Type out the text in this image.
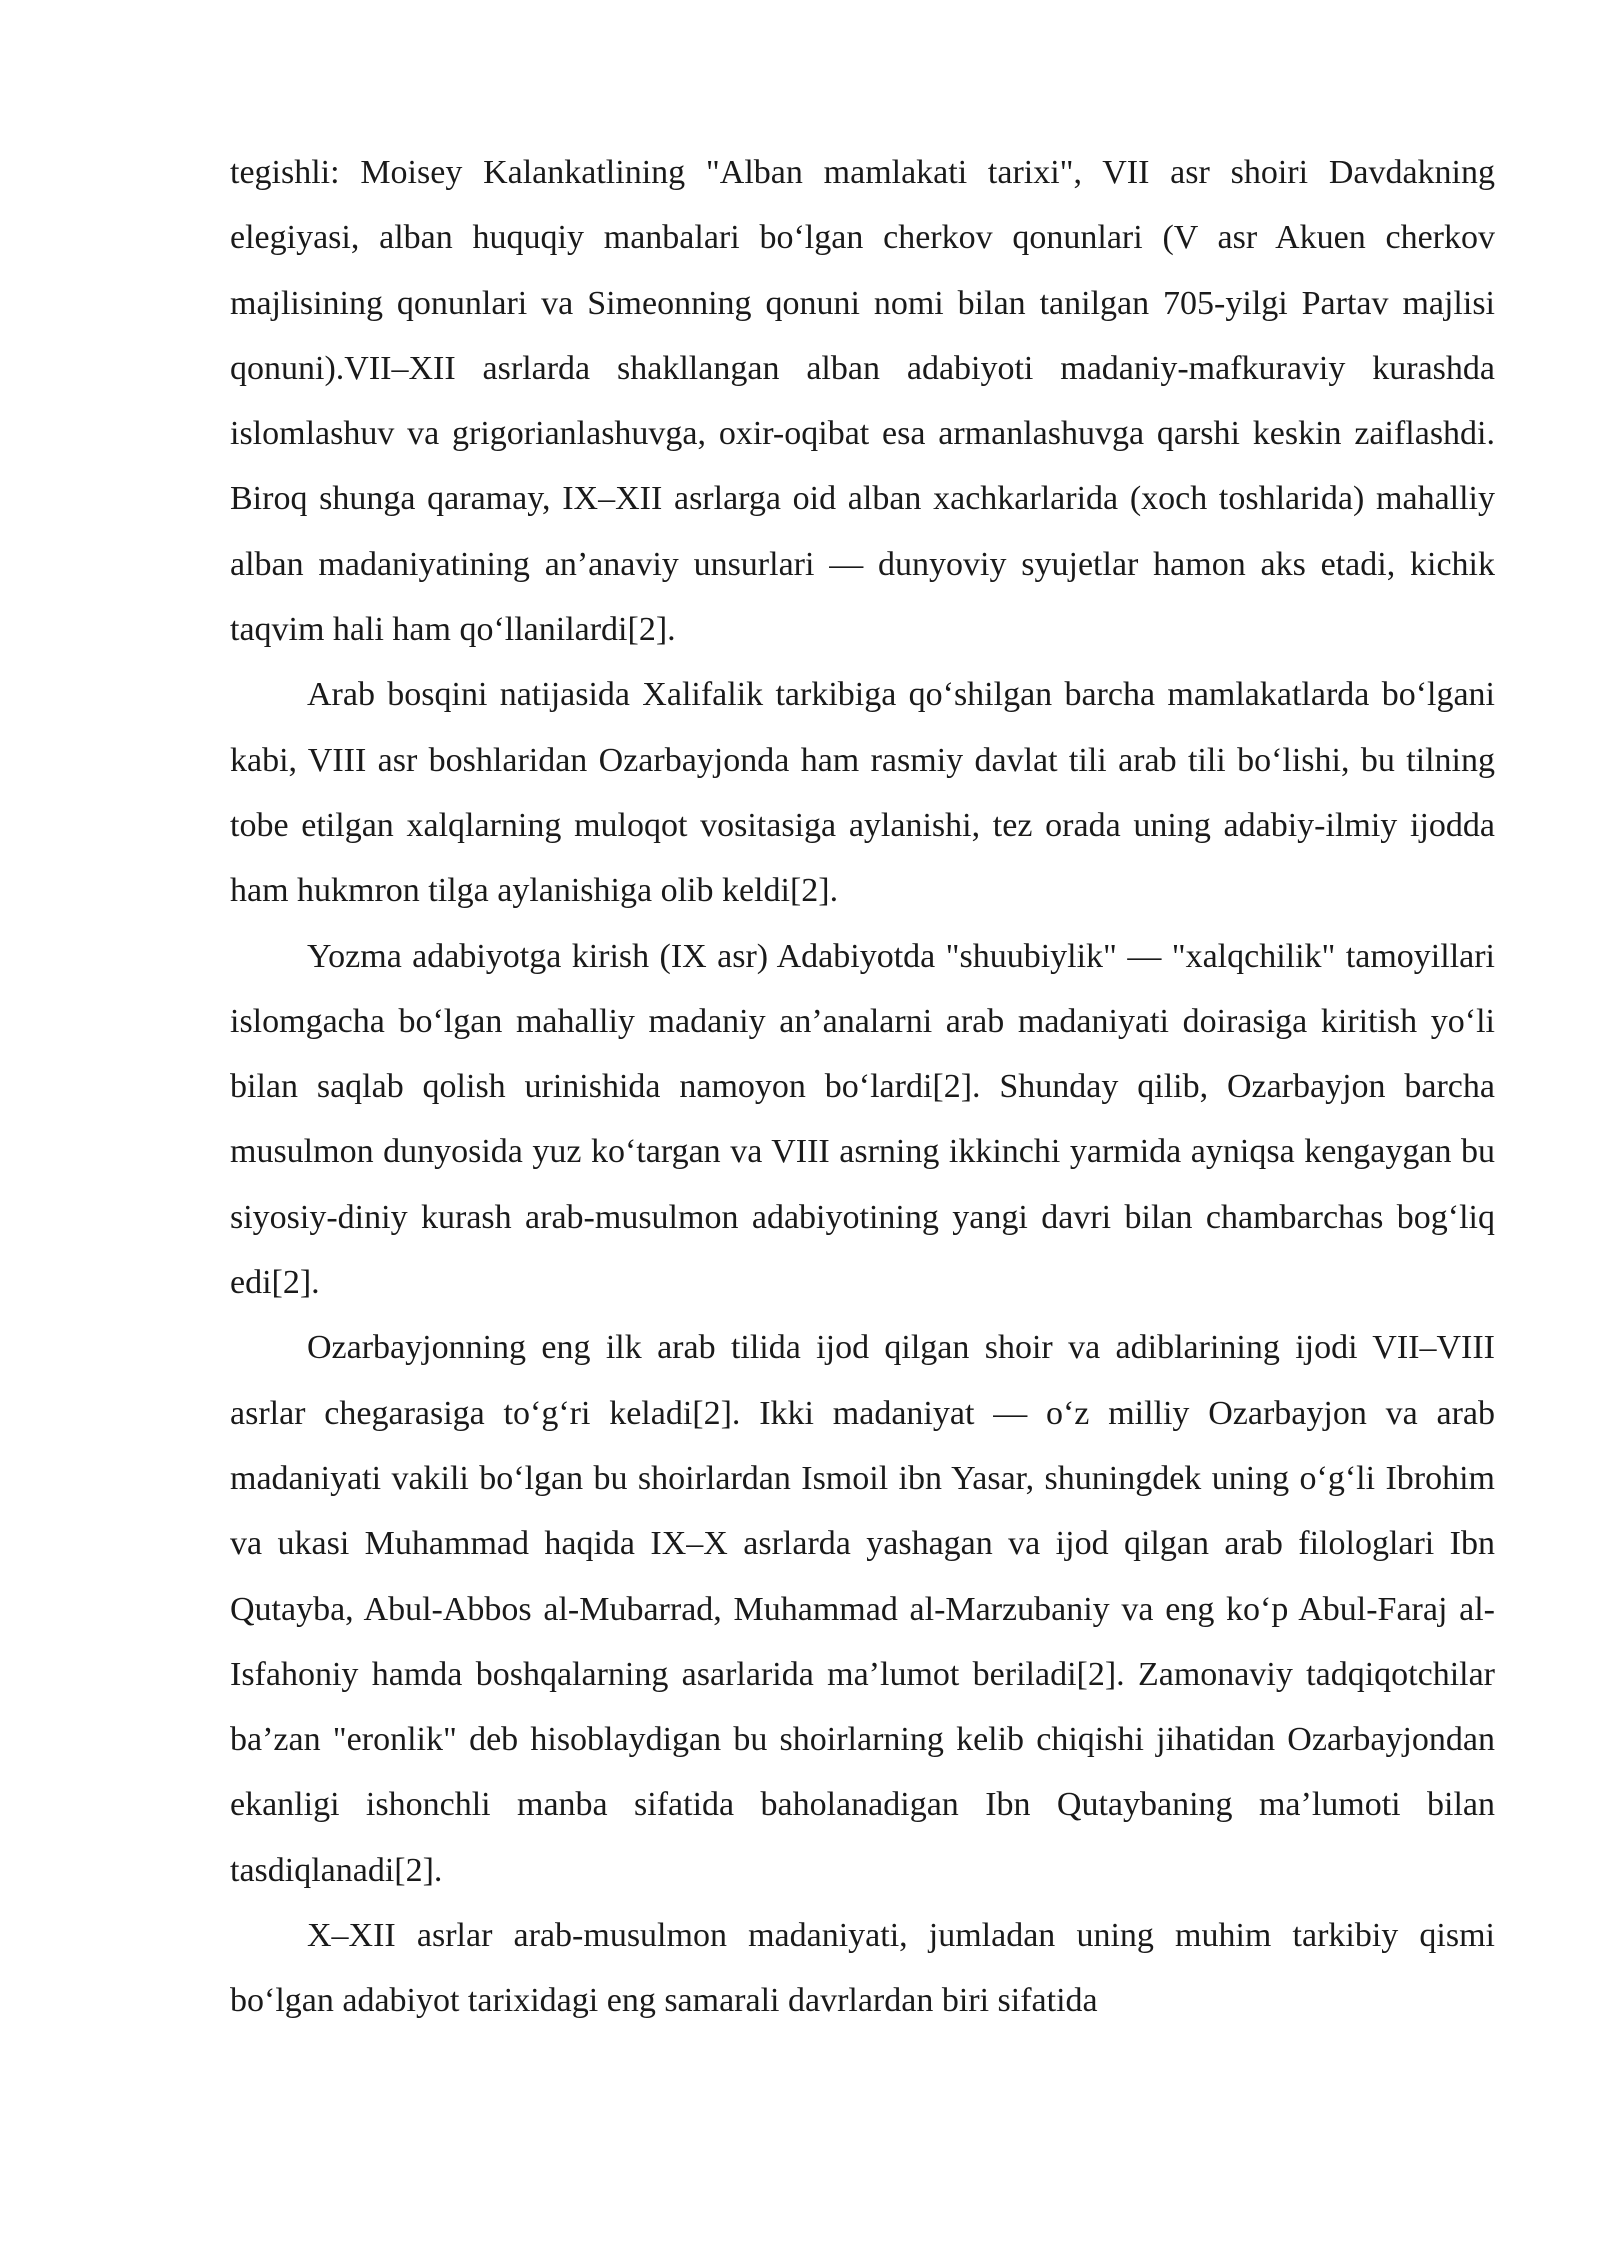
tegishli: Moisey Kalankatlining "Alban mamlakati tarixi", VII asr shoiri Davdakning elegiyasi, alban huquqiy manbalari bo‘lgan cherkov qonunlari (V asr Akuen cherkov majlisining qonunlari va Simeonning qonuni nomi bilan tanilgan 705-yilgi Partav majlisi qonuni).VII–XII asrlarda shakllangan alban adabiyoti madaniy-mafkuraviy kurashda islomlashuv va grigorianlashuvga, oxir-oqibat esa armanlashuvga qarshi keskin zaiflashdi. Biroq shunga qaramay, IX–XII asrlarga oid alban xachkarlarida (xoch toshlarida) mahalliy alban madaniyatining an’anaviy unsurlari — dunyoviy syujetlar hamon aks etadi, kichik taqvim hali ham qo‘llanilardi[2].

Arab bosqini natijasida Xalifalik tarkibiga qo‘shilgan barcha mamlakatlarda bo‘lgani kabi, VIII asr boshlaridan Ozarbayjonda ham rasmiy davlat tili arab tili bo‘lishi, bu tilning tobe etilgan xalqlarning muloqot vositasiga aylanishi, tez orada uning adabiy-ilmiy ijodda ham hukmron tilga aylanishiga olib keldi[2].

Yozma adabiyotga kirish (IX asr) Adabiyotda "shuubiylik" — "xalqchilik" tamoyillari islomgacha bo‘lgan mahalliy madaniy an’analarni arab madaniyati doirasiga kiritish yo‘li bilan saqlab qolish urinishida namoyon bo‘lardi[2]. Shunday qilib, Ozarbayjon barcha musulmon dunyosida yuz ko‘targan va VIII asrning ikkinchi yarmida ayniqsa kengaygan bu siyosiy-diniy kurash arab-musulmon adabiyotining yangi davri bilan chambarchas bog‘liq edi[2].

Ozarbayjonning eng ilk arab tilida ijod qilgan shoir va adiblarining ijodi VII–VIII asrlar chegarasiga to‘g‘ri keladi[2]. Ikki madaniyat — o‘z milliy Ozarbayjon va arab madaniyati vakili bo‘lgan bu shoirlardan Ismoil ibn Yasar, shuningdek uning o‘g‘li Ibrohim va ukasi Muhammad haqida IX–X asrlarda yashagan va ijod qilgan arab filologlari Ibn Qutayba, Abul-Abbos al-Mubarrad, Muhammad al-Marzubaniy va eng ko‘p Abul-Faraj al-Isfahoniy hamda boshqalarning asarlarida ma’lumot beriladi[2]. Zamonaviy tadqiqotchilar ba’zan "eronlik" deb hisoblaydigan bu shoirlarning kelib chiqishi jihatidan Ozarbayjondan ekanligi ishonchli manba sifatida baholanadigan Ibn Qutaybaning ma’lumoti bilan tasdiqlanadi[2].

X–XII asrlar arab-musulmon madaniyati, jumladan uning muhim tarkibiy qismi bo‘lgan adabiyot tarixidagi eng samarali davrlardan biri sifatida
